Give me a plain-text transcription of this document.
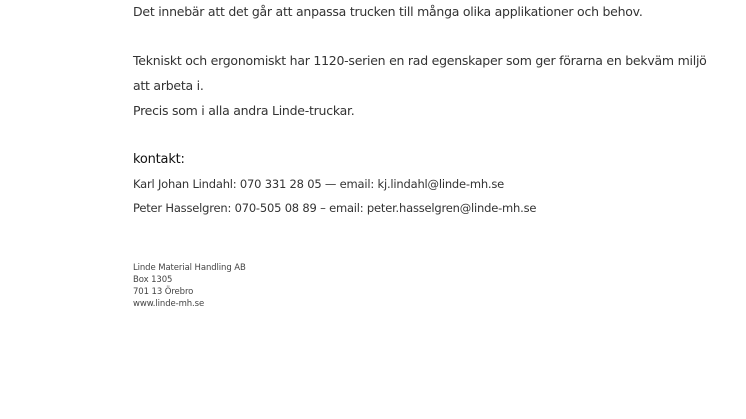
Det innebär att det går att anpassa trucken till många olika applikationer och behov.

Tekniskt och ergonomiskt har 1120-serien en rad egenskaper som ger förarna en bekväm miljö

att arbeta i.

Precis som i alla andra Linde-truckar.

kontakt:
Karl Johan Lindahl: 070 331 28 05 — email: kj.lindahl@linde-mh.se
Peter Hasselgren: 070-505 08 89 – email: peter.hasselgren@linde-mh.se
Linde Material Handling AB
Box 1305
701 13 Örebro
www.linde-mh.se
